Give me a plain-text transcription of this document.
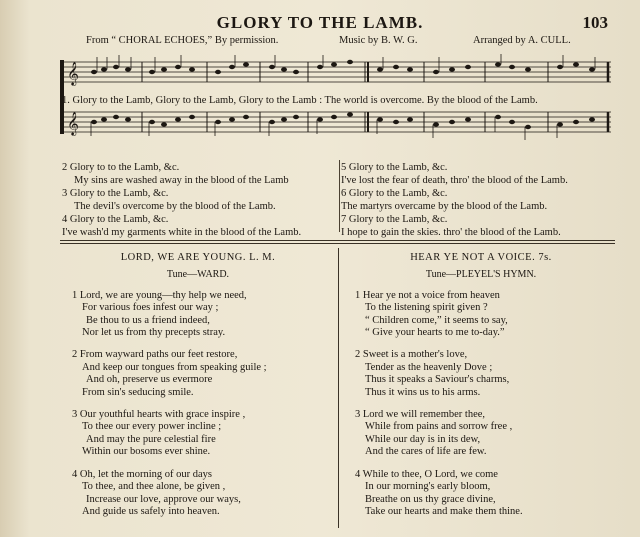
GLORY TO THE LAMB.	103
From “ CHORAL ECHOES,” By permission.	Music by B. W. G.	Arranged by A. CULL.
𝄞
𝄞
1. Glory to the Lamb, Glory to the Lamb, Glory to the Lamb : The world is overcome. By the blood of the Lamb.
2 Glory to to the Lamb, &c.
My sins are washed away in the blood of the Lamb
3 Glory to the Lamb, &c.
The devil's overcome by the blood of the Lamb.
4 Glory to the Lamb, &c.
I've wash'd my garments white in the blood of the Lamb.
5 Glory to the Lamb, &c.
I've lost the fear of death, thro' the blood of the Lamb.
6 Glory to the Lamb, &c.
The martyrs overcame by the blood of the Lamb.
7 Glory to the Lamb, &c.
I hope to gain the skies. thro' the blood of the Lamb.
LORD, WE ARE YOUNG. L. M.
Tune—WARD.
1 Lord, we are young—thy help we need,
For various foes infest our way ;
Be thou to us a friend indeed,
Nor let us from thy precepts stray.
2 From wayward paths our feet restore,
And keep our tongues from speaking guile ;
And oh, preserve us evermore
From sin's seducing smile.
3 Our youthful hearts with grace inspire ,
To thee our every power incline ;
And may the pure celestial fire
Within our bosoms ever shine.
4 Oh, let the morning of our days
To thee, and thee alone, be given ,
Increase our love, approve our ways,
And guide us safely into heaven.
HEAR YE NOT A VOICE. 7s.
Tune—PLEYEL'S HYMN.
1 Hear ye not a voice from heaven
To the listening spirit given ?
“ Children come,” it seems to say,
“ Give your hearts to me to-day.”
2 Sweet is a mother's love,
Tender as the heavenly Dove ;
Thus it speaks a Saviour's charms,
Thus it wins us to his arms.
3 Lord we will remember thee,
While from pains and sorrow free ,
While our day is in its dew,
And the cares of life are few.
4 While to thee, O Lord, we come
In our morning's early bloom,
Breathe on us thy grace divine,
Take our hearts and make them thine.
